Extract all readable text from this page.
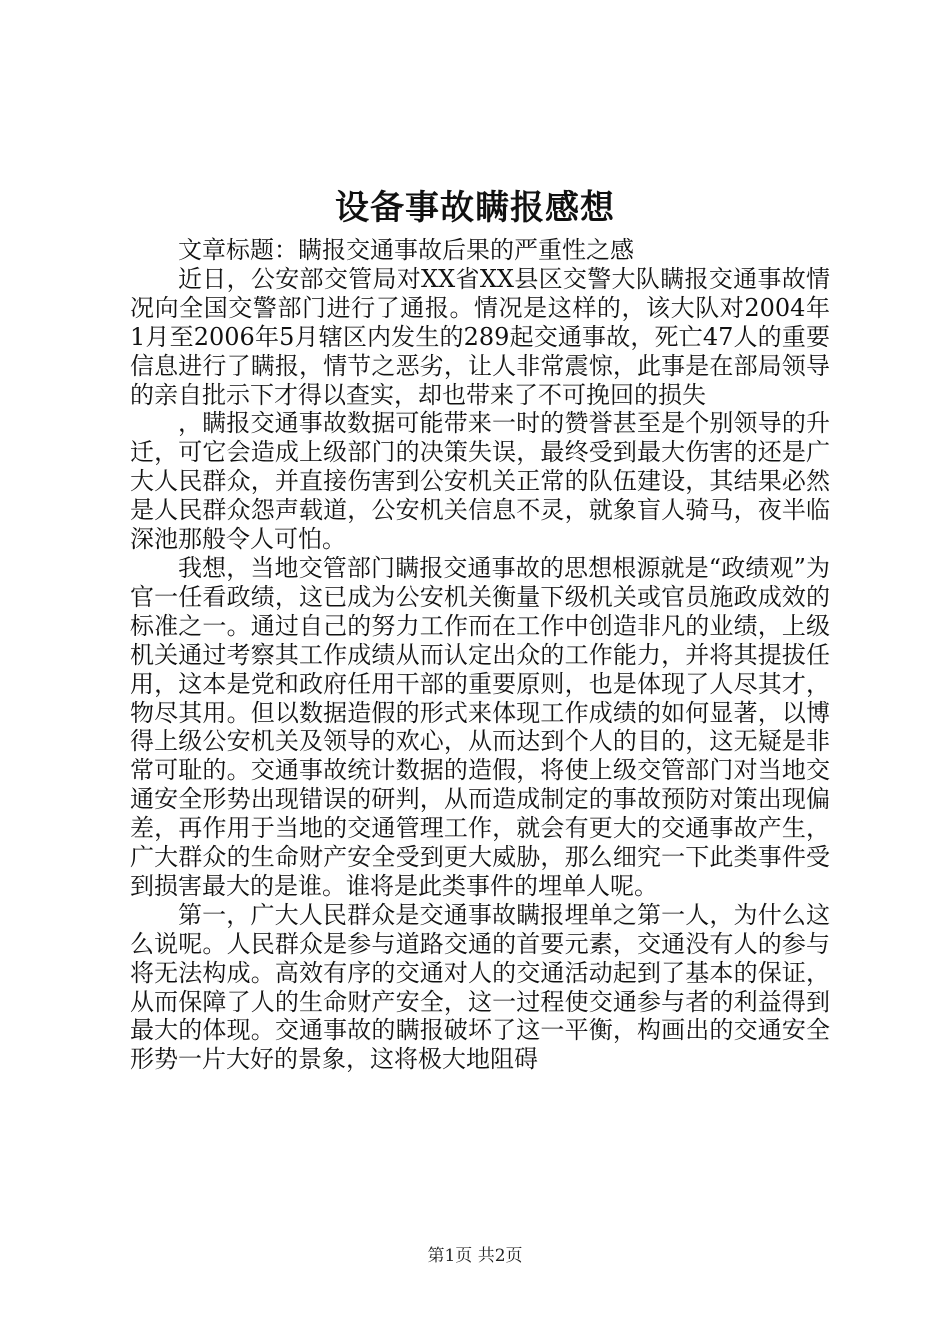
设备事故瞒报感想

文章标题：瞒报交通事故后果的严重性之感

近日，公安部交管局对XX省XX县区交警大队瞒报交通事故情况向全国交警部门进行了通报。情况是这样的，该大队对2004年1月至2006年5月辖区内发生的289起交通事故，死亡47人的重要信息进行了瞒报，情节之恶劣，让人非常震惊，此事是在部局领导的亲自批示下才得以查实，却也带来了不可挽回的损失

，瞒报交通事故数据可能带来一时的赞誉甚至是个别领导的升迁，可它会造成上级部门的决策失误，最终受到最大伤害的还是广大人民群众，并直接伤害到公安机关正常的队伍建设，其结果必然是人民群众怨声载道，公安机关信息不灵，就象盲人骑马，夜半临深池那般令人可怕。

我想，当地交管部门瞒报交通事故的思想根源就是“政绩观”为官一任看政绩，这已成为公安机关衡量下级机关或官员施政成效的标准之一。通过自己的努力工作而在工作中创造非凡的业绩，上级机关通过考察其工作成绩从而认定出众的工作能力，并将其提拔任用，这本是党和政府任用干部的重要原则，也是体现了人尽其才，物尽其用。但以数据造假的形式来体现工作成绩的如何显著，以博得上级公安机关及领导的欢心，从而达到个人的目的，这无疑是非常可耻的。交通事故统计数据的造假，将使上级交管部门对当地交通安全形势出现错误的研判，从而造成制定的事故预防对策出现偏差，再作用于当地的交通管理工作，就会有更大的交通事故产生，广大群众的生命财产安全受到更大威胁，那么细究一下此类事件受到损害最大的是谁。谁将是此类事件的埋单人呢。

第一，广大人民群众是交通事故瞒报埋单之第一人，为什么这么说呢。人民群众是参与道路交通的首要元素，交通没有人的参与将无法构成。高效有序的交通对人的交通活动起到了基本的保证，从而保障了人的生命财产安全，这一过程使交通参与者的利益得到最大的体现。交通事故的瞒报破坏了这一平衡，构画出的交通安全形势一片大好的景象，这将极大地阻碍

第1页 共2页
